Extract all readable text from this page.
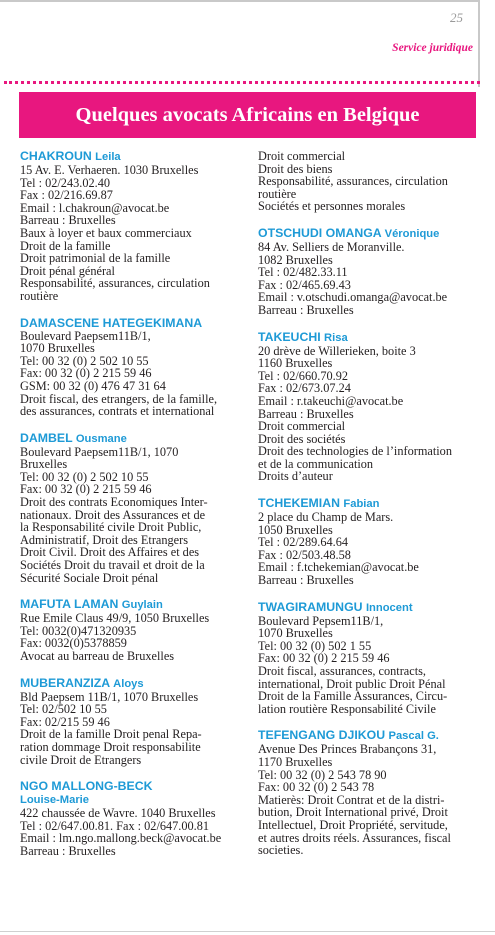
25
Service juridique
Quelques avocats Africains en Belgique
CHAKROUN Leila
15 Av. E. Verhaeren. 1030 Bruxelles
Tel : 02/243.02.40
Fax : 02/216.69.87
Email : l.chakroun@avocat.be
Barreau : Bruxelles
Baux à loyer et baux commerciaux
Droit de la famille
Droit patrimonial de la famille
Droit pénal général
Responsabilité, assurances, circulation
routière
DAMASCENE HATEGEKIMANA
Boulevard Paepsem11B/1,
1070 Bruxelles
Tel: 00 32 (0) 2 502 10 55
Fax: 00 32 (0) 2 215 59 46
GSM: 00 32 (0) 476 47 31 64
Droit fiscal, des etrangers, de la famille,
des assurances, contrats et international
DAMBEL Ousmane
Boulevard Paepsem11B/1, 1070
Bruxelles
Tel: 00 32 (0) 2 502 10 55
Fax: 00 32 (0) 2 215 59 46
Droit des contrats Economiques Inter-
nationaux. Droit des Assurances et de
la Responsabilité civile Droit Public,
Administratif, Droit des Etrangers
Droit Civil. Droit des Affaires et des
Sociétés Droit du travail et droit de la
Sécurité Sociale Droit pénal
MAFUTA LAMAN Guylain
Rue Emile Claus 49/9, 1050 Bruxelles
Tel: 0032(0)471320935
Fax: 0032(0)5378859
Avocat au barreau de Bruxelles
MUBERANZIZA Aloys
Bld Paepsem 11B/1, 1070 Bruxelles
Tel: 02/502 10 55
Fax: 02/215 59 46
Droit de la famille Droit penal Repa-
ration dommage Droit responsabilite
civile Droit de Etrangers
NGO MALLONG-BECK
Louise-Marie
422 chaussée de Wavre. 1040 Bruxelles
Tel : 02/647.00.81. Fax : 02/647.00.81
Email : lm.ngo.mallong.beck@avocat.be
Barreau : Bruxelles
Droit commercial
Droit des biens
Responsabilité, assurances, circulation
routière
Sociétés et personnes morales
OTSCHUDI OMANGA Véronique
84 Av. Selliers de Moranville.
1082 Bruxelles
Tel : 02/482.33.11
Fax : 02/465.69.43
Email : v.otschudi.omanga@avocat.be
Barreau : Bruxelles
TAKEUCHI Risa
20 drève de Willerieken, boite 3
1160 Bruxelles
Tel : 02/660.70.92
Fax : 02/673.07.24
Email : r.takeuchi@avocat.be
Barreau : Bruxelles
Droit commercial
Droit des sociétés
Droit des technologies de l’information
et de la communication
Droits d’auteur
TCHEKEMIAN Fabian
2 place du Champ de Mars.
1050 Bruxelles
Tel : 02/289.64.64
Fax : 02/503.48.58
Email : f.tchekemian@avocat.be
Barreau : Bruxelles
TWAGIRAMUNGU Innocent
Boulevard Pepsem11B/1,
1070 Bruxelles
Tel: 00 32 (0) 502 1 55
Fax: 00 32 (0) 2 215 59 46
Droit fiscal, assurances, contracts,
international, Droit public Droit Pénal
Droit de la Famille Assurances, Circu-
lation routière Responsabilité Civile
TEFENGANG DJIKOU Pascal G.
Avenue Des Princes Brabançons 31,
1170 Bruxelles
Tel: 00 32 (0) 2 543 78 90
Fax: 00 32 (0) 2 543 78
Matierès: Droit Contrat et de la distri-
bution, Droit International privé, Droit
Intellectuel, Droit Propriété, servitude,
et autres droits réels. Assurances, fiscal
societies.
